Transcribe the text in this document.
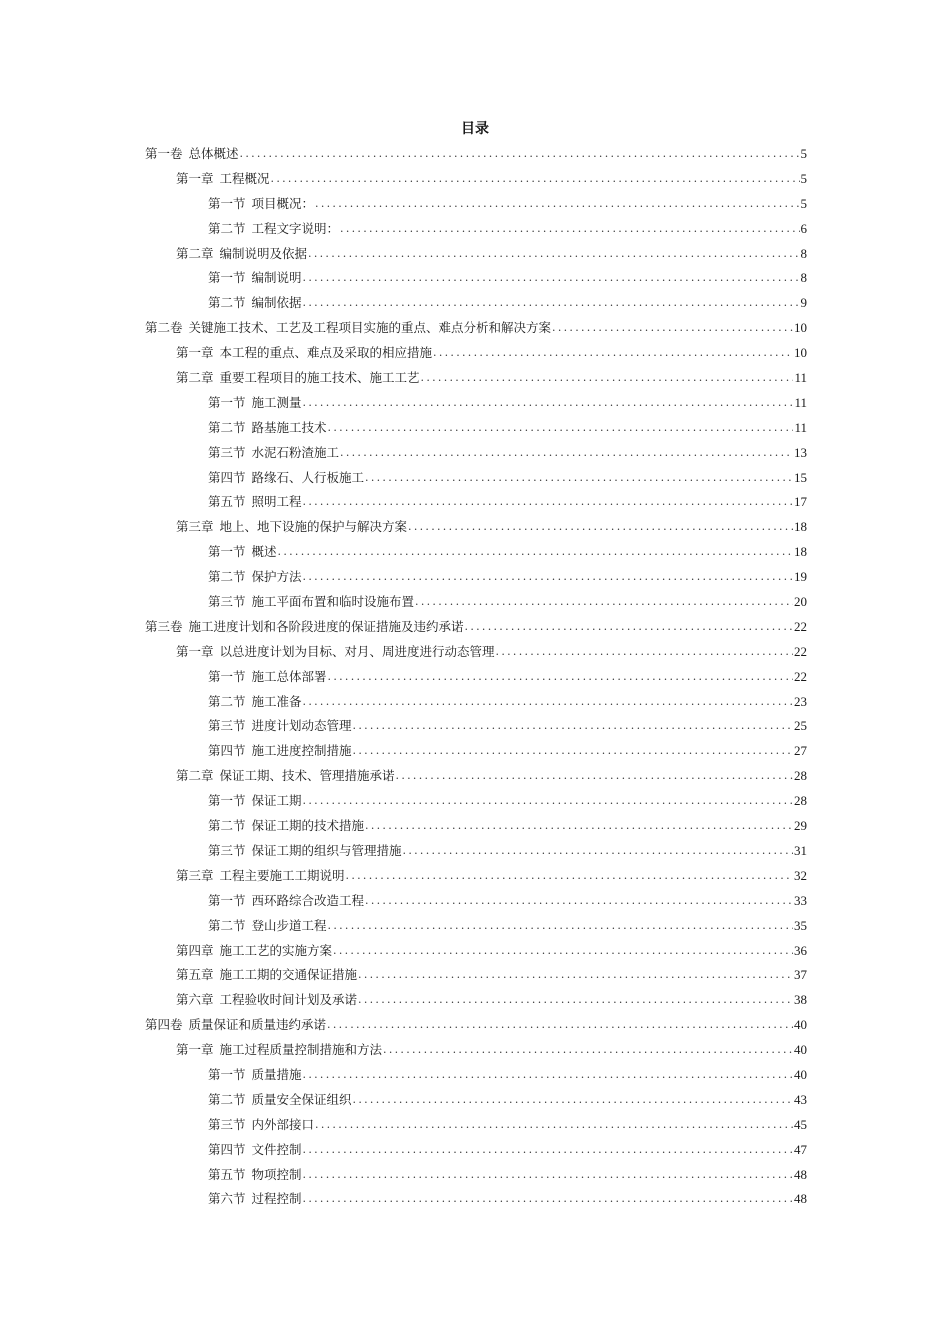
目录
第一卷 总体概述 .....	5
第一章 工程概况 .....	5
第一节 项目概况： .....	5
第二节 工程文字说明： .....	6
第二章 编制说明及依据 .....	8
第一节 编制说明 .....	8
第二节 编制依据 .....	9
第二卷 关键施工技术、工艺及工程项目实施的重点、难点分析和解决方案 .....	10
第一章 本工程的重点、难点及采取的相应措施 .....	10
第二章 重要工程项目的施工技术、施工工艺 .....	11
第一节 施工测量 .....	11
第二节 路基施工技术 .....	11
第三节 水泥石粉渣施工 .....	13
第四节 路缘石、人行板施工 .....	15
第五节 照明工程 .....	17
第三章 地上、地下设施的保护与解决方案 .....	18
第一节 概述 .....	18
第二节 保护方法 .....	19
第三节 施工平面布置和临时设施布置 .....	20
第三卷 施工进度计划和各阶段进度的保证措施及违约承诺 .....	22
第一章 以总进度计划为目标、对月、周进度进行动态管理 .....	22
第一节 施工总体部署 .....	22
第二节 施工准备 .....	23
第三节 进度计划动态管理 .....	25
第四节 施工进度控制措施 .....	27
第二章 保证工期、技术、管理措施承诺 .....	28
第一节 保证工期 .....	28
第二节 保证工期的技术措施 .....	29
第三节 保证工期的组织与管理措施 .....	31
第三章 工程主要施工工期说明 .....	32
第一节 西环路综合改造工程 .....	33
第二节 登山步道工程 .....	35
第四章 施工工艺的实施方案 .....	36
第五章 施工工期的交通保证措施 .....	37
第六章 工程验收时间计划及承诺 .....	38
第四卷 质量保证和质量违约承诺 .....	40
第一章 施工过程质量控制措施和方法 .....	40
第一节 质量措施 .....	40
第二节 质量安全保证组织 .....	43
第三节 内外部接口 .....	45
第四节 文件控制 .....	47
第五节 物项控制 .....	48
第六节 过程控制 .....	48
